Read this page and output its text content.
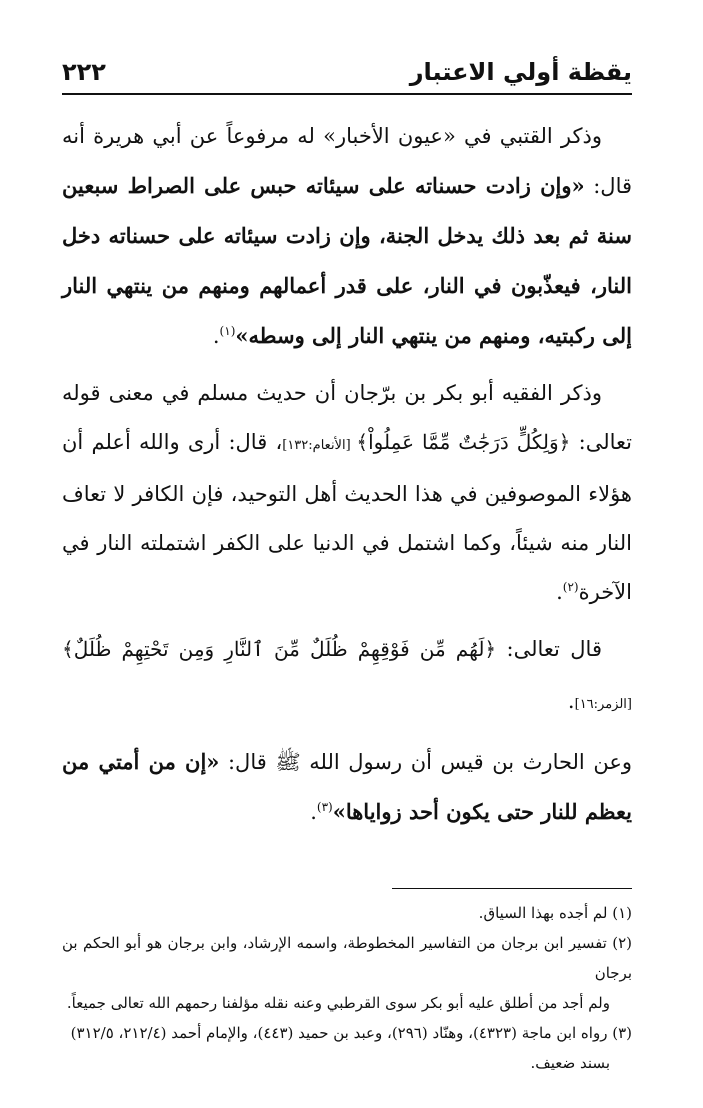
يقظة أولي الاعتبار
٢٢٢

وذكر القتبي في «عيون الأخبار» له مرفوعاً عن أبي هريرة أنه قال: «وإن زادت حسناته على سيئاته حبس على الصراط سبعين سنة ثم بعد ذلك يدخل الجنة، وإن زادت سيئاته على حسناته دخل النار، فيعذّبون في النار، على قدر أعمالهم ومنهم من ينتهي النار إلى ركبتيه، ومنهم من ينتهي النار إلى وسطه»$^{(١)}$.

وذكر الفقيه أبو بكر بن برّجان أن حديث مسلم في معنى قوله تعالى: ﴿وَلِكُلٍّ دَرَجَٰتٌ مِّمَّا عَمِلُواْ﴾ [الأنعام:١٣٢]، قال: أرى والله أعلم أن هؤلاء الموصوفين في هذا الحديث أهل التوحيد، فإن الكافر لا تعاف النار منه شيئاً، وكما اشتمل في الدنيا على الكفر اشتملته النار في الآخرة$^{(٢)}$.

قال تعالى: ﴿لَهُم مِّن فَوْقِهِمْ ظُلَلٌ مِّنَ ٱلنَّارِ وَمِن تَحْتِهِمْ ظُلَلٌ﴾ [الزمر:١٦].

وعن الحارث بن قيس أن رسول الله ﷺ قال: «إن من أمتي من يعظم للنار حتى يكون أحد زواياها»$^{(٣)}$.

(١) لم أجده بهذا السياق.

(٢) تفسير ابن برجان من التفاسير المخطوطة، واسمه الإرشاد، وابن برجان هو أبو الحكم بن برجان

ولم أجد من أطلق عليه أبو بكر سوى القرطبي وعنه نقله مؤلفنا رحمهم الله تعالى جميعاً.

(٣) رواه ابن ماجة (٤٣٢٣)، وهنّاد (٢٩٦)، وعبد بن حميد (٤٤٣)، والإمام أحمد (٢١٢/٤، ٣١٢/٥)

بسند ضعيف.
